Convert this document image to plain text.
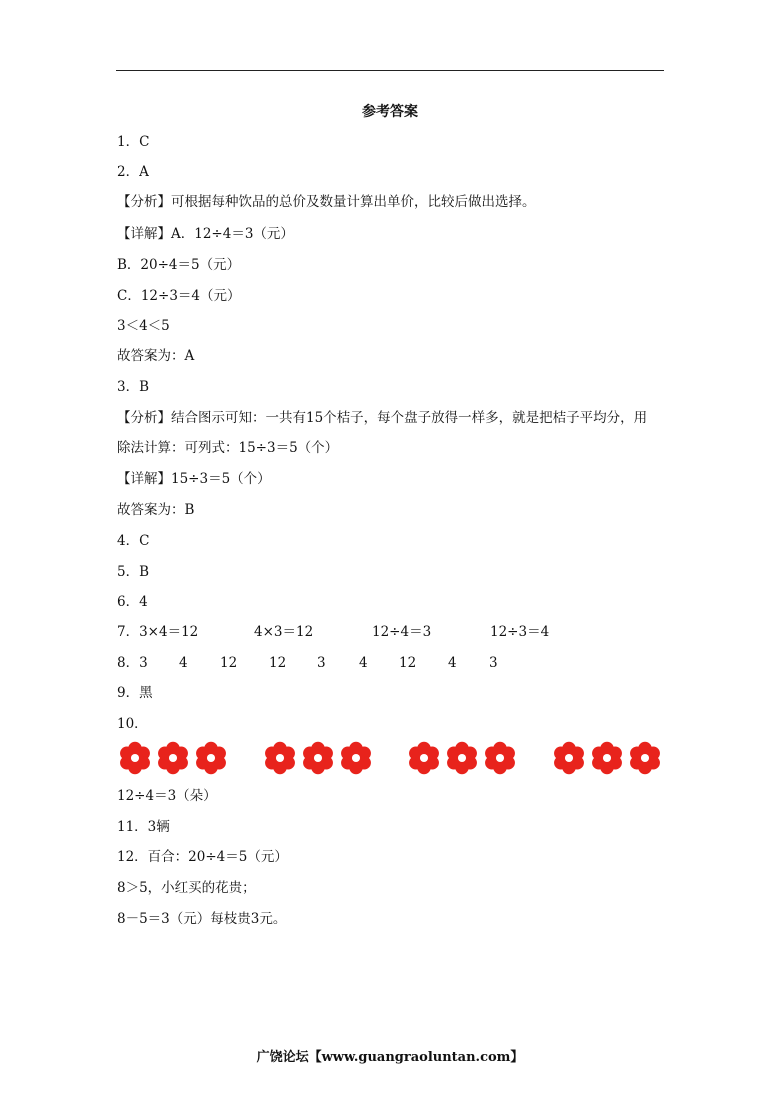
参考答案
1．C
2．A
【分析】可根据每种饮品的总价及数量计算出单价，比较后做出选择。
【详解】A．12÷4＝3（元）
B．20÷4＝5（元）
C．12÷3＝4（元）
3＜4＜5
故答案为：A
3．B
【分析】结合图示可知：一共有15个桔子，每个盘子放得一样多，就是把桔子平均分，用
除法计算：可列式：15÷3＝5（个）
【详解】15÷3＝5（个）
故答案为：B
4．C
5．B
6．4
7．3×4＝12	4×3＝12	12÷4＝3	12÷3＝4
8．3 4 12 12 3 4 12 4 3
9．黑
10．
12÷4＝3（朵）
11．3辆
12．百合：20÷4＝5（元）
8＞5，小红买的花贵；
8－5＝3（元）每枝贵3元。
广饶论坛【www.guangraoluntan.com】
